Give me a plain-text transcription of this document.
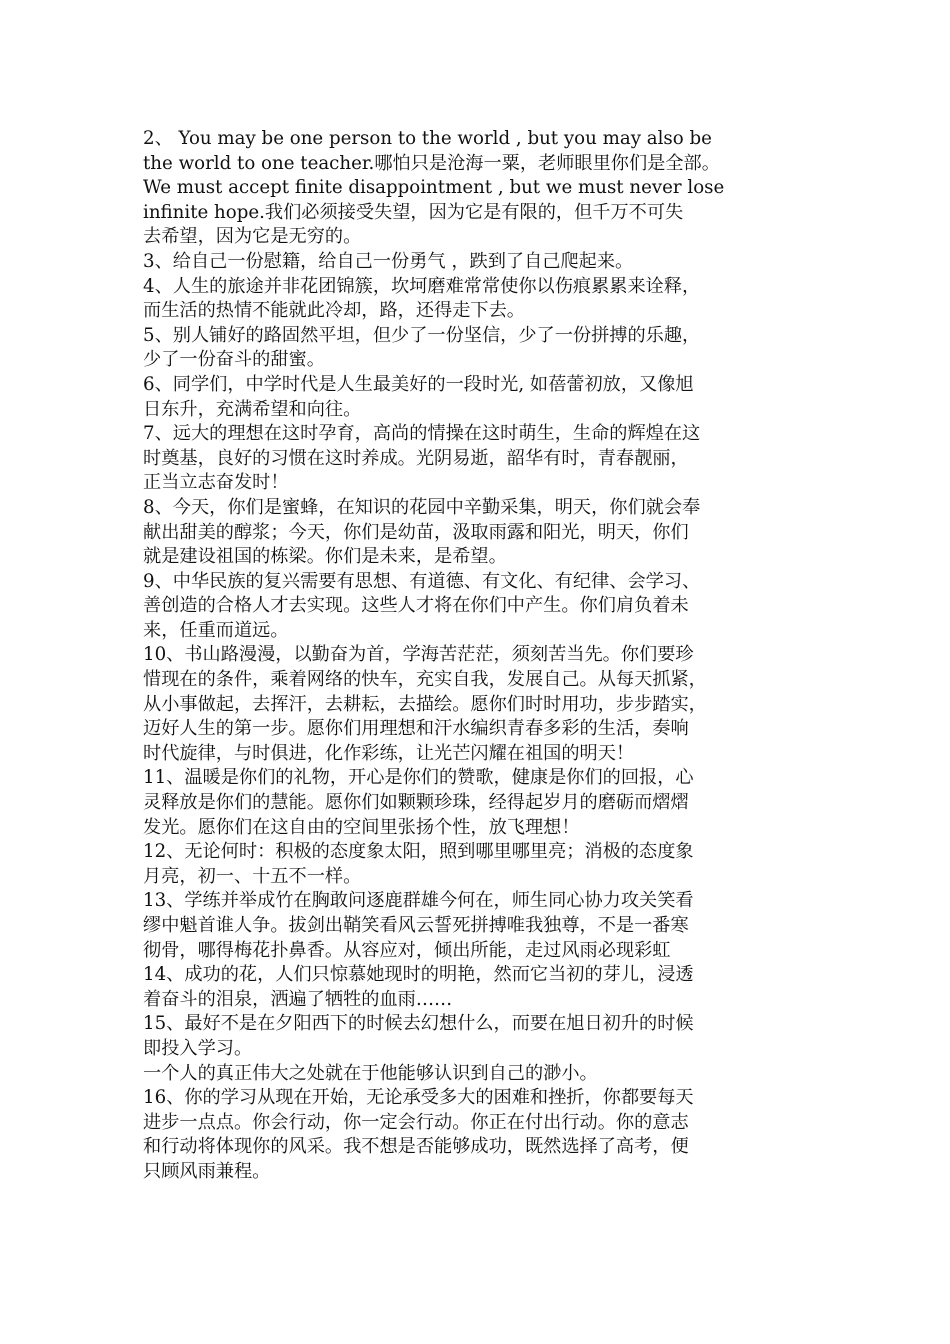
2、 You may be one person to the world , but you may also be
the world to one teacher.哪怕只是沧海一粟，老师眼里你们是全部。
We must accept finite disappointment , but we must never lose
infinite hope.我们必须接受失望，因为它是有限的，但千万不可失
去希望，因为它是无穷的。

3、给自己一份慰籍，给自己一份勇气 ，跌到了自己爬起来。

4、人生的旅途并非花团锦簇，坎坷磨难常常使你以伤痕累累来诠释，
而生活的热情不能就此冷却，路，还得走下去。

5、别人铺好的路固然平坦，但少了一份坚信，少了一份拼搏的乐趣，
少了一份奋斗的甜蜜。

6、同学们，中学时代是人生最美好的一段时光, 如蓓蕾初放，又像旭
日东升，充满希望和向往。

7、远大的理想在这时孕育，高尚的情操在这时萌生，生命的辉煌在这
时奠基，良好的习惯在这时养成。光阴易逝，韶华有时，青春靓丽，
正当立志奋发时！

8、今天，你们是蜜蜂，在知识的花园中辛勤采集，明天，你们就会奉
献出甜美的醇浆；今天，你们是幼苗，汲取雨露和阳光，明天，你们
就是建设祖国的栋梁。你们是未来，是希望。

9、中华民族的复兴需要有思想、有道德、有文化、有纪律、会学习、
善创造的合格人才去实现。这些人才将在你们中产生。你们肩负着未
来，任重而道远。

10、书山路漫漫，以勤奋为首，学海苦茫茫，须刻苦当先。你们要珍
惜现在的条件，乘着网络的快车，充实自我，发展自己。从每天抓紧，
从小事做起，去挥汗，去耕耘，去描绘。愿你们时时用功，步步踏实，
迈好人生的第一步。愿你们用理想和汗水编织青春多彩的生活，奏响
时代旋律，与时俱进，化作彩练，让光芒闪耀在祖国的明天！

11、温暖是你们的礼物，开心是你们的赞歌，健康是你们的回报，心
灵释放是你们的慧能。愿你们如颗颗珍珠，经得起岁月的磨砺而熠熠
发光。愿你们在这自由的空间里张扬个性，放飞理想！

12、无论何时：积极的态度象太阳，照到哪里哪里亮；消极的态度象
月亮，初一、十五不一样。

13、学练并举成竹在胸敢问逐鹿群雄今何在，师生同心协力攻关笑看
缪中魁首谁人争。拔剑出鞘笑看风云誓死拼搏唯我独尊，不是一番寒
彻骨，哪得梅花扑鼻香。从容应对，倾出所能，走过风雨必现彩虹

14、成功的花，人们只惊慕她现时的明艳，然而它当初的芽儿，浸透
着奋斗的泪泉，洒遍了牺牲的血雨……

15、最好不是在夕阳西下的时候去幻想什么，而要在旭日初升的时候
即投入学习。

一个人的真正伟大之处就在于他能够认识到自己的渺小。

16、你的学习从现在开始，无论承受多大的困难和挫折，你都要每天
进步一点点。你会行动，你一定会行动。你正在付出行动。你的意志
和行动将体现你的风采。我不想是否能够成功，既然选择了高考，便
只顾风雨兼程。
